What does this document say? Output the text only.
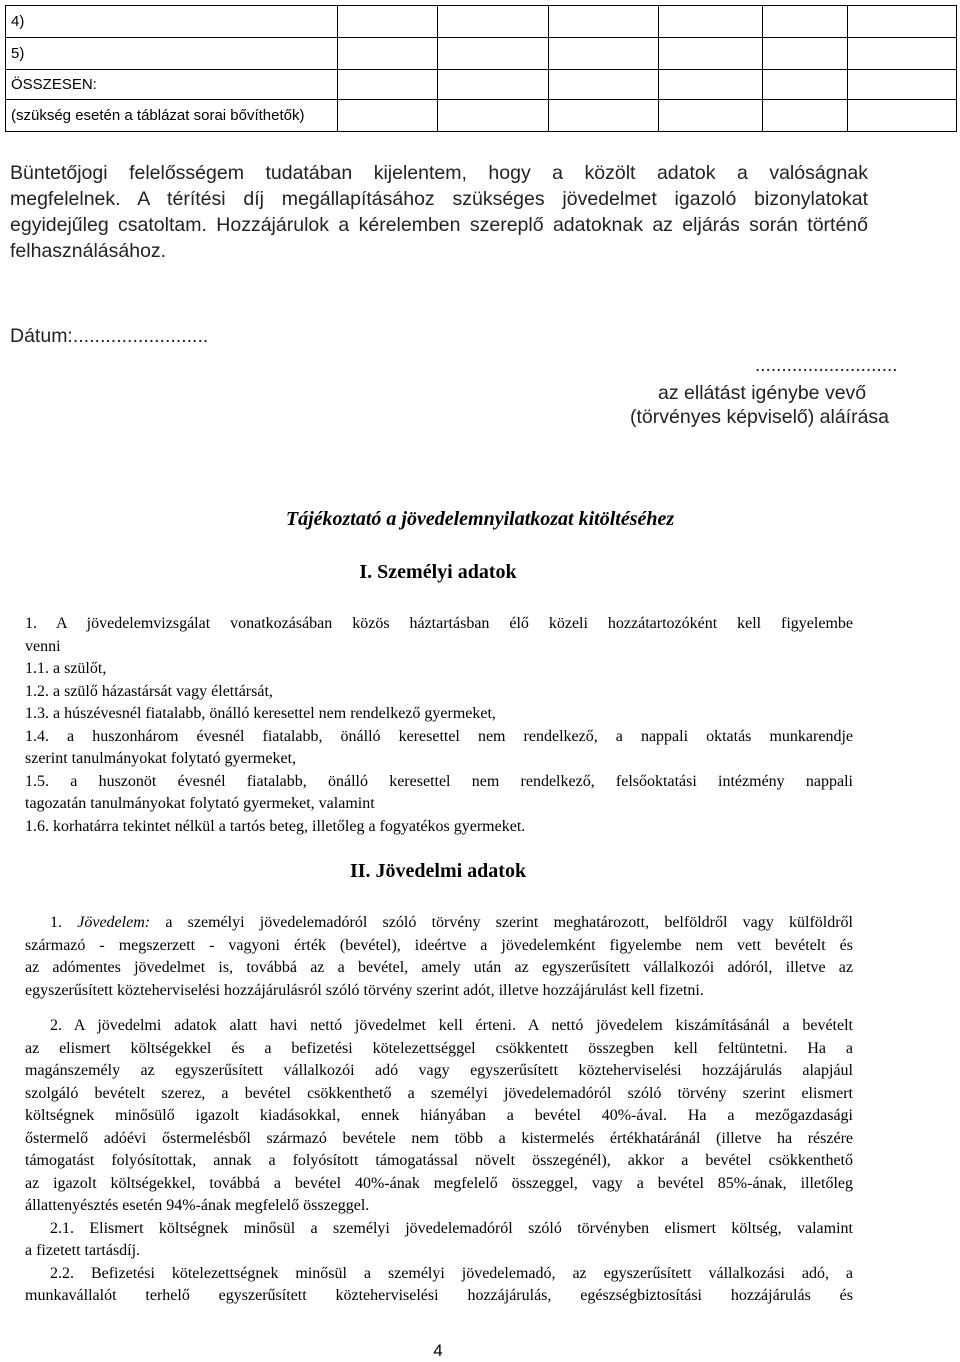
4)						
5)						
ÖSSZESEN:						
(szükség esetén a táblázat sorai bővíthetők)						
Büntetőjogi felelősségem tudatában kijelentem, hogy a közölt adatok a valóságnak
megfelelnek. A térítési díj megállapításához szükséges jövedelmet igazoló bizonylatokat
egyidejűleg csatoltam. Hozzájárulok a kérelemben szereplő adatoknak az eljárás során történő
felhasználásához.
Dátum:.........................
...........................
az ellátást igénybe vevő
(törvényes képviselő) aláírása
Tájékoztató a jövedelemnyilatkozat kitöltéséhez
I. Személyi adatok
1. A jövedelemvizsgálat vonatkozásában közös háztartásban élő közeli hozzátartozóként kell figyelembe
venni
1.1. a szülőt,
1.2. a szülő házastársát vagy élettársát,
1.3. a húszévesnél fiatalabb, önálló keresettel nem rendelkező gyermeket,
1.4. a huszonhárom évesnél fiatalabb, önálló keresettel nem rendelkező, a nappali oktatás munkarendje
szerint tanulmányokat folytató gyermeket,
1.5. a huszonöt évesnél fiatalabb, önálló keresettel nem rendelkező, felsőoktatási intézmény nappali
tagozatán tanulmányokat folytató gyermeket, valamint
1.6. korhatárra tekintet nélkül a tartós beteg, illetőleg a fogyatékos gyermeket.
II. Jövedelmi adatok
1. Jövedelem: a személyi jövedelemadóról szóló törvény szerint meghatározott, belföldről vagy külföldről
származó - megszerzett - vagyoni érték (bevétel), ideértve a jövedelemként figyelembe nem vett bevételt és
az adómentes jövedelmet is, továbbá az a bevétel, amely után az egyszerűsített vállalkozói adóról, illetve az
egyszerűsített közteherviselési hozzájárulásról szóló törvény szerint adót, illetve hozzájárulást kell fizetni.
2. A jövedelmi adatok alatt havi nettó jövedelmet kell érteni. A nettó jövedelem kiszámításánál a bevételt
az elismert költségekkel és a befizetési kötelezettséggel csökkentett összegben kell feltüntetni. Ha a
magánszemély az egyszerűsített vállalkozói adó vagy egyszerűsített közteherviselési hozzájárulás alapjául
szolgáló bevételt szerez, a bevétel csökkenthető a személyi jövedelemadóról szóló törvény szerint elismert
költségnek minősülő igazolt kiadásokkal, ennek hiányában a bevétel 40%-ával. Ha a mezőgazdasági
őstermelő adóévi őstermelésből származó bevétele nem több a kistermelés értékhatáránál (illetve ha részére
támogatást folyósítottak, annak a folyósított támogatással növelt összegénél), akkor a bevétel csökkenthető
az igazolt költségekkel, továbbá a bevétel 40%-ának megfelelő összeggel, vagy a bevétel 85%-ának, illetőleg
állattenyésztés esetén 94%-ának megfelelő összeggel.
2.1. Elismert költségnek minősül a személyi jövedelemadóról szóló törvényben elismert költség, valamint
a fizetett tartásdíj.
2.2. Befizetési kötelezettségnek minősül a személyi jövedelemadó, az egyszerűsített vállalkozási adó, a
munkavállalót terhelő egyszerűsített közteherviselési hozzájárulás, egészségbiztosítási hozzájárulás és
4
